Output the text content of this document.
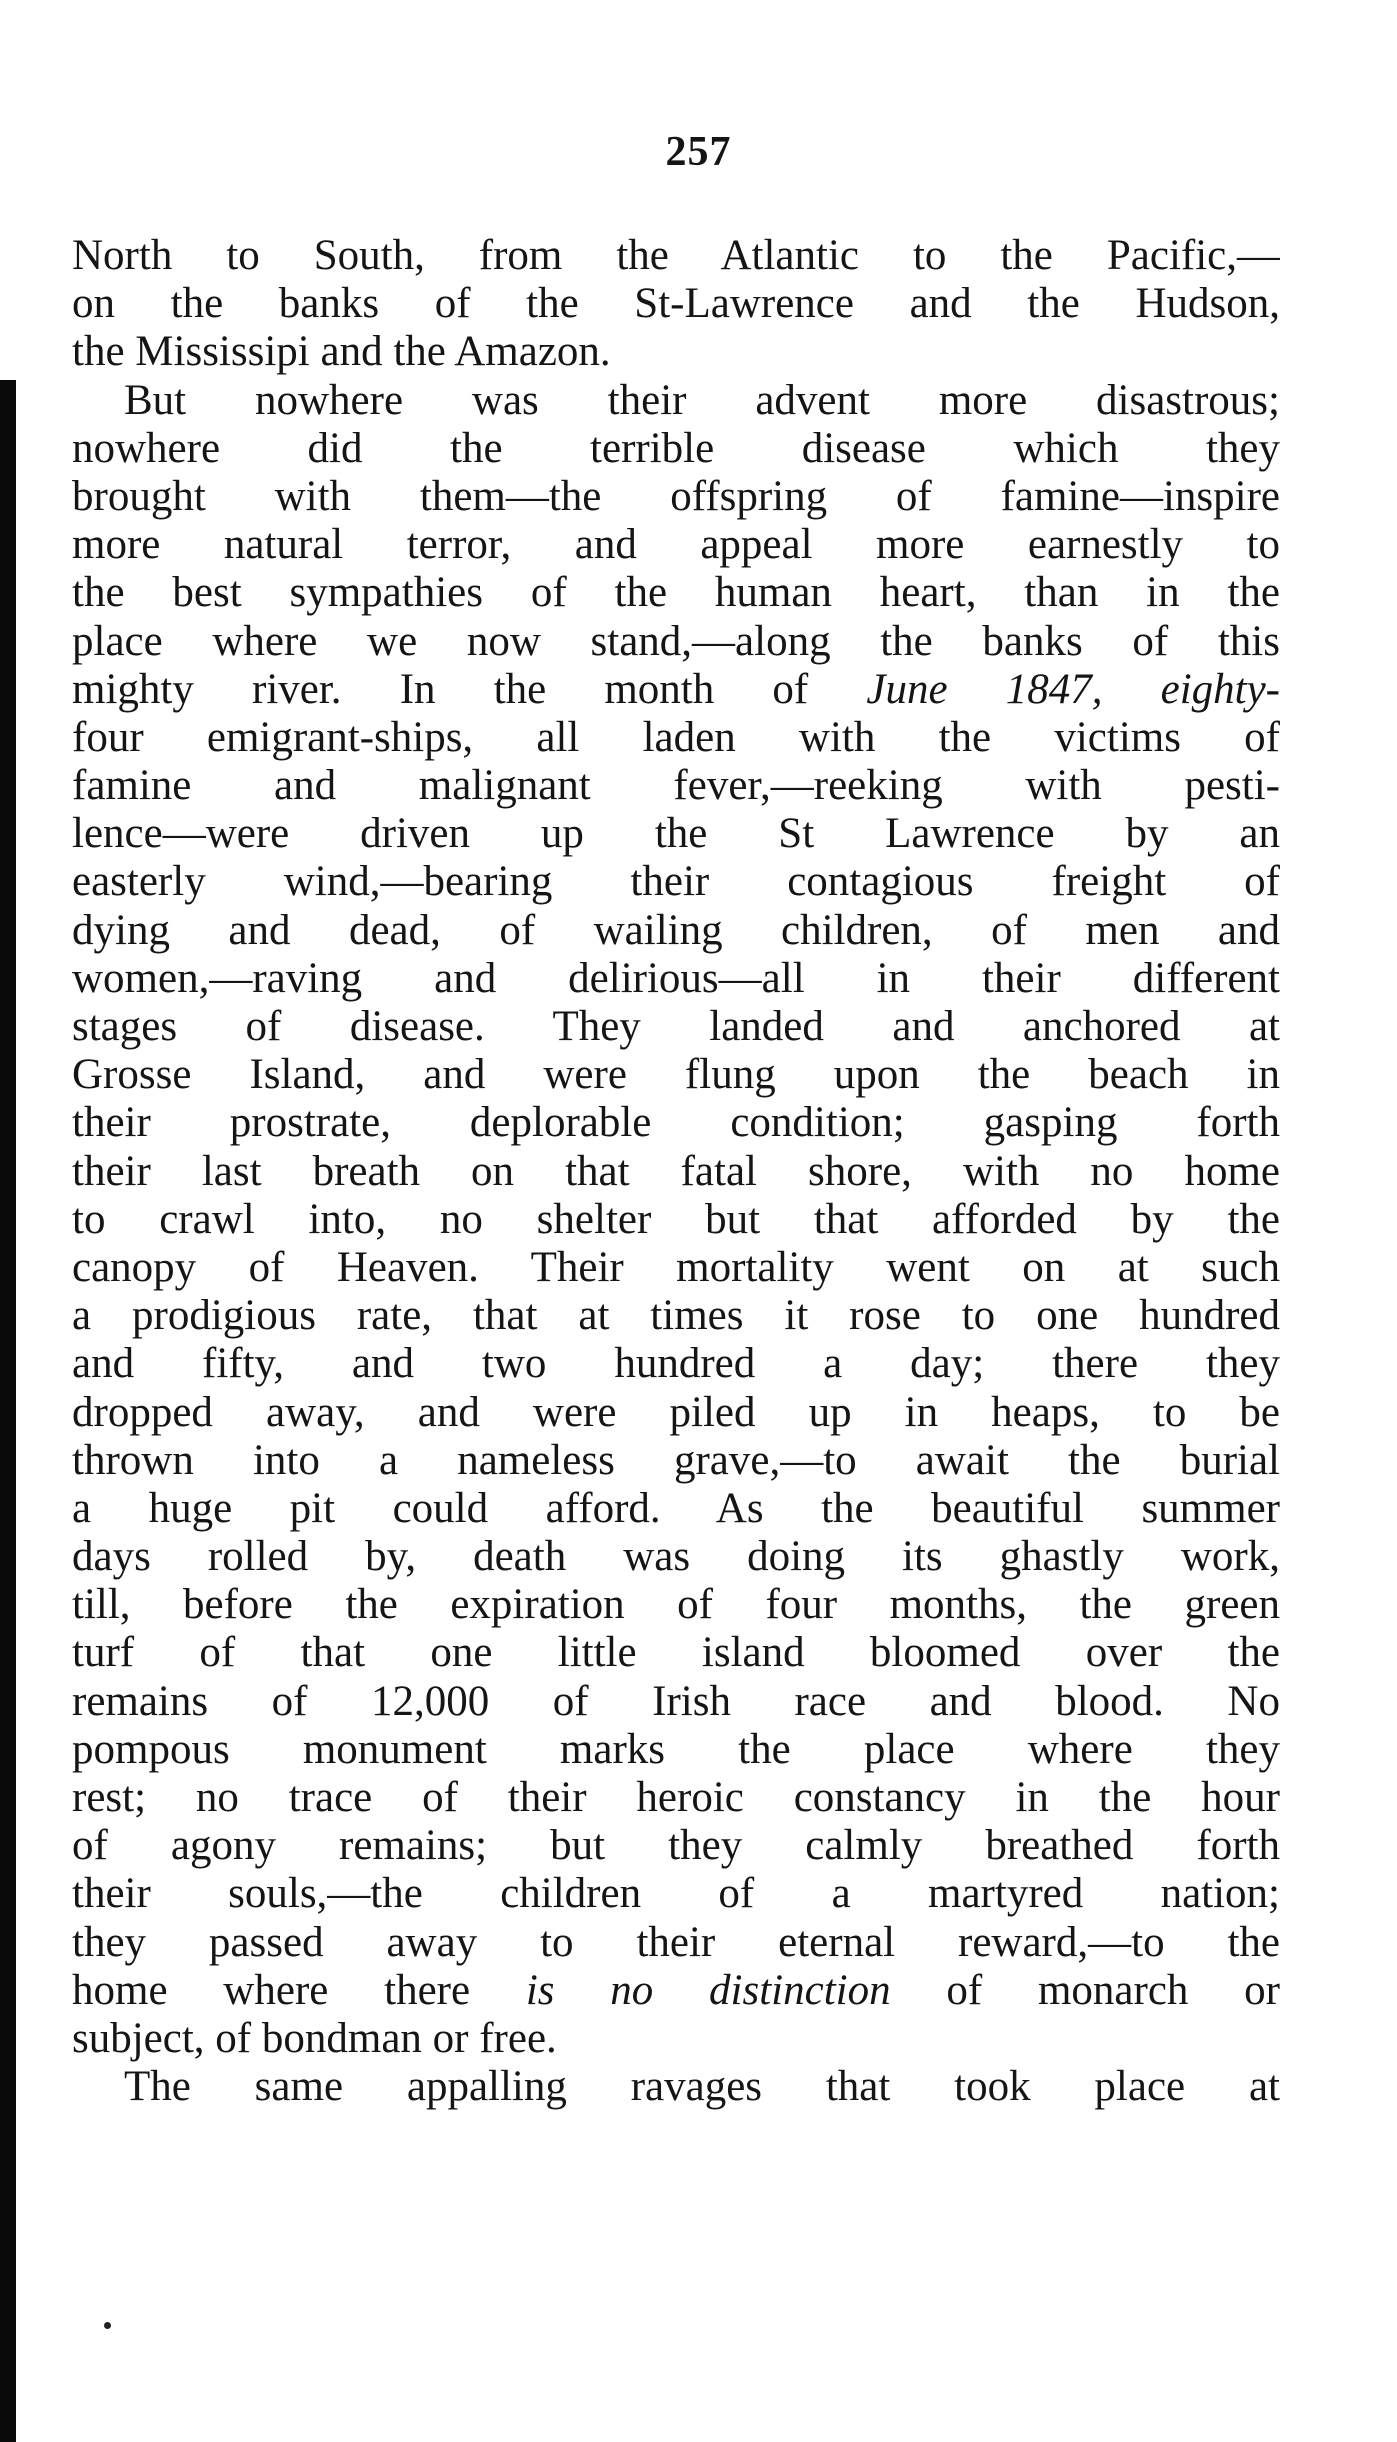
257
North to South, from the Atlantic to the Pacific,—
on the banks of the St-Lawrence and the Hudson,
the Mississipi and the Amazon.
But nowhere was their advent more disastrous;
nowhere did the terrible disease which they
brought with them—the offspring of famine—inspire
more natural terror, and appeal more earnestly to
the best sympathies of the human heart, than in the
place where we now stand,—along the banks of this
mighty river. In the month of June 1847, eighty-
four emigrant-ships, all laden with the victims of
famine and malignant fever,—reeking with pesti-
lence—were driven up the St Lawrence by an
easterly wind,—bearing their contagious freight of
dying and dead, of wailing children, of men and
women,—raving and delirious—all in their different
stages of disease. They landed and anchored at
Grosse Island, and were flung upon the beach in
their prostrate, deplorable condition; gasping forth
their last breath on that fatal shore, with no home
to crawl into, no shelter but that afforded by the
canopy of Heaven. Their mortality went on at such
a prodigious rate, that at times it rose to one hundred
and fifty, and two hundred a day; there they
dropped away, and were piled up in heaps, to be
thrown into a nameless grave,—to await the burial
a huge pit could afford. As the beautiful summer
days rolled by, death was doing its ghastly work,
till, before the expiration of four months, the green
turf of that one little island bloomed over the
remains of 12,000 of Irish race and blood. No
pompous monument marks the place where they
rest; no trace of their heroic constancy in the hour
of agony remains; but they calmly breathed forth
their souls,—the children of a martyred nation;
they passed away to their eternal reward,—to the
home where there is no distinction of monarch or
subject, of bondman or free.
The same appalling ravages that took place at
